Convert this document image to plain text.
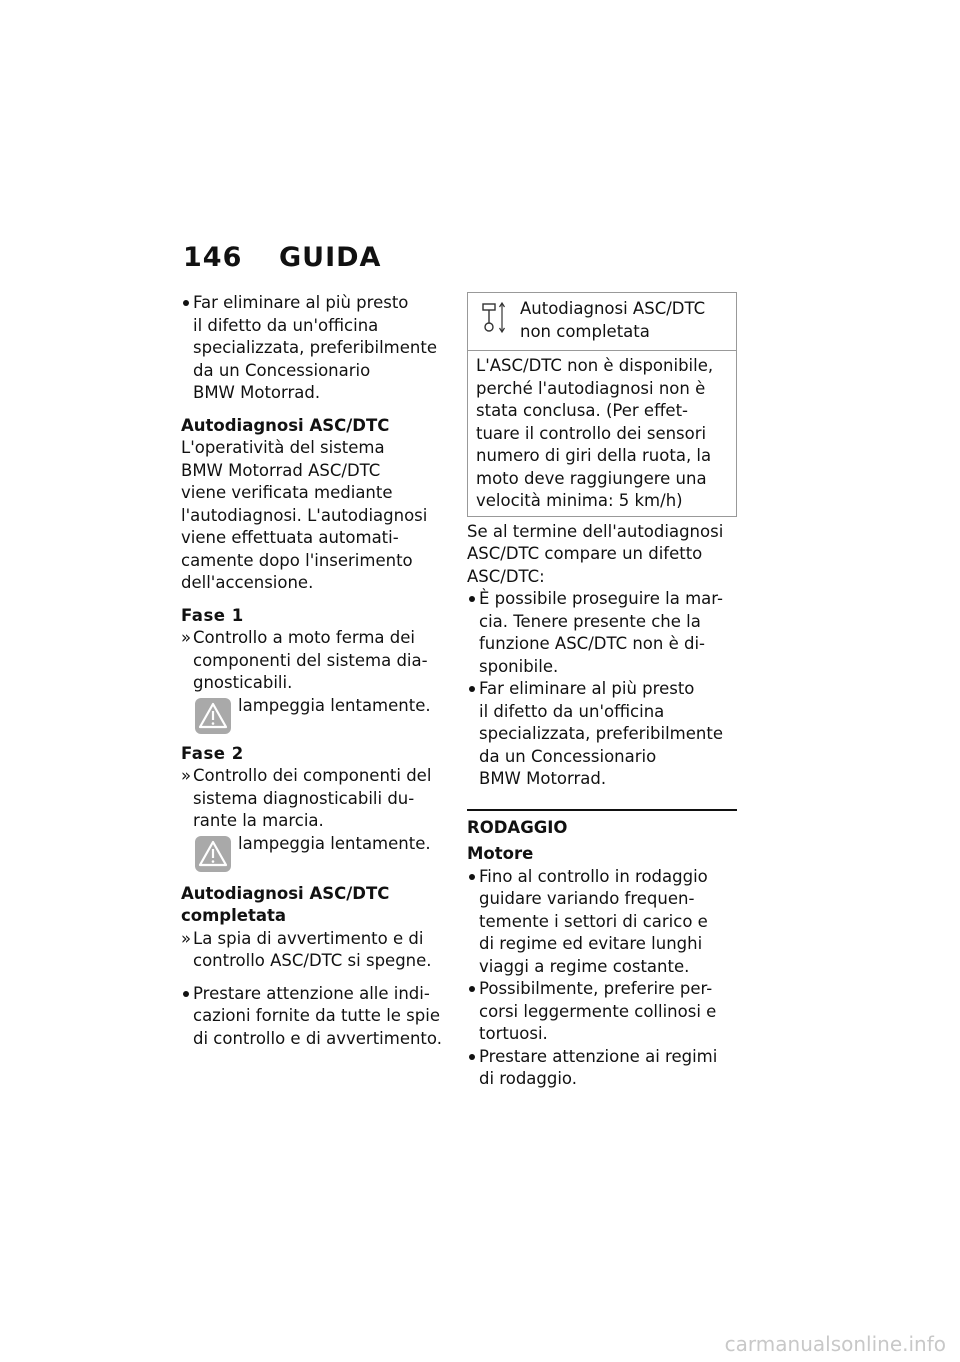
146 GUIDA

Far eliminare al più presto

il difetto da un'officina

specializzata, preferibilmente

da un Concessionario

BMW Motorrad.

Autodiagnosi ASC/DTC

L'operatività del sistema

BMW Motorrad ASC/DTC

viene verificata mediante

l'autodiagnosi. L'autodiagnosi

viene effettuata automati-

camente dopo l'inserimento

dell'accensione.

Fase 1

» Controllo a moto ferma dei

componenti del sistema dia-

gnosticabili.

lampeggia lentamente.

Fase 2

» Controllo dei componenti del

sistema diagnosticabili du-

rante la marcia.

lampeggia lentamente.

Autodiagnosi ASC/DTC

completata

» La spia di avvertimento e di

controllo ASC/DTC si spegne.

Prestare attenzione alle indi-

cazioni fornite da tutte le spie

di controllo e di avvertimento.

Autodiagnosi ASC/DTC

non completata

L'ASC/DTC non è disponibile,

perché l'autodiagnosi non è

stata conclusa. (Per effet-

tuare il controllo dei sensori

numero di giri della ruota, la

moto deve raggiungere una

velocità minima: 5 km/h)

Se al termine dell'autodiagnosi

ASC/DTC compare un difetto

ASC/DTC:

È possibile proseguire la mar-

cia. Tenere presente che la

funzione ASC/DTC non è di-

sponibile.

Far eliminare al più presto

il difetto da un'officina

specializzata, preferibilmente

da un Concessionario

BMW Motorrad.

RODAGGIO

Motore

Fino al controllo in rodaggio

guidare variando frequen-

temente i settori di carico e

di regime ed evitare lunghi

viaggi a regime costante.

Possibilmente, preferire per-

corsi leggermente collinosi e

tortuosi.

Prestare attenzione ai regimi

di rodaggio.

carmanualsonline.info
